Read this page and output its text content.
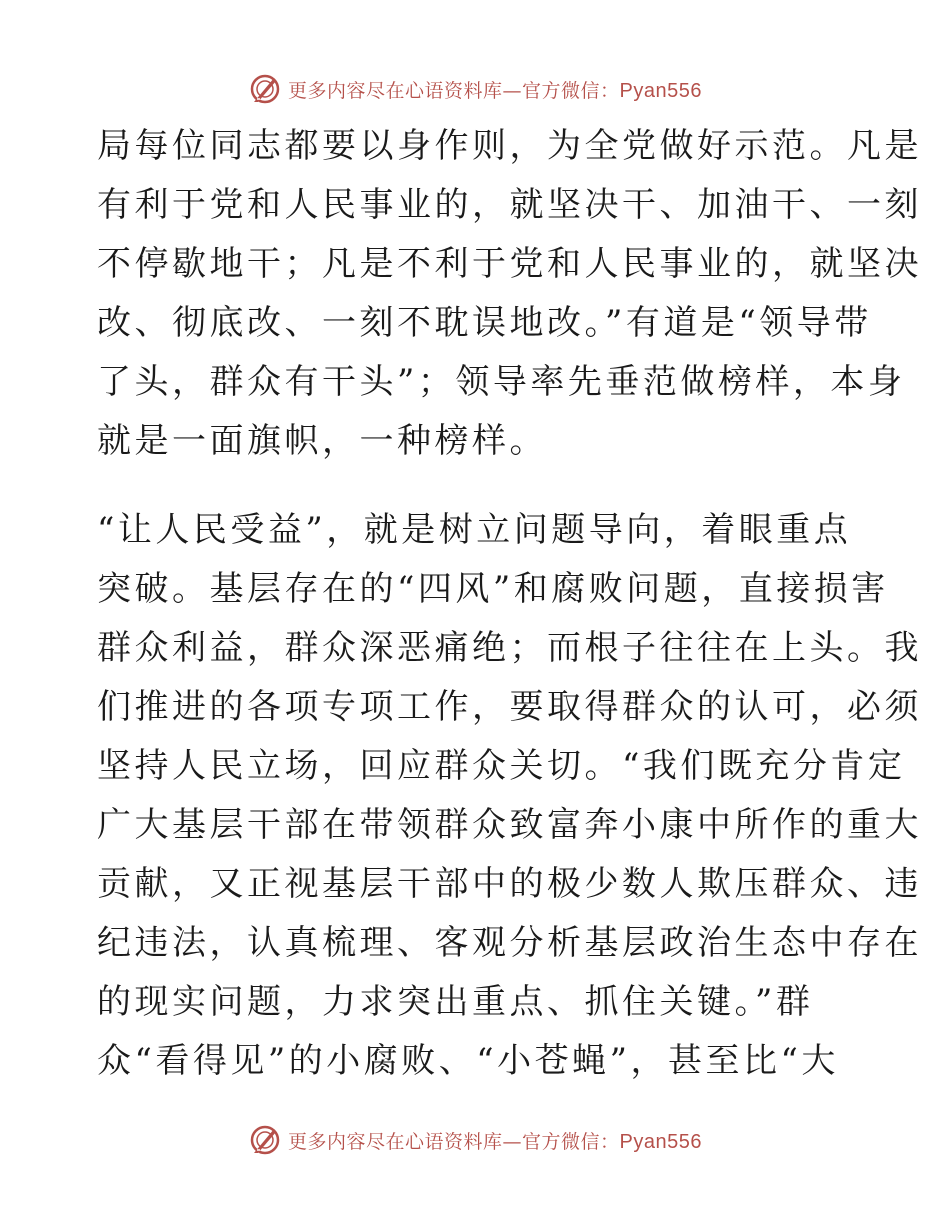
更多内容尽在心语资料库—官方微信：Pyan556
局每位同志都要以身作则，为全党做好示范。凡是
有利于党和人民事业的，就坚决干、加油干、一刻
不停歇地干；凡是不利于党和人民事业的，就坚决
改、彻底改、一刻不耽误地改。”有道是“领导带
了头，群众有干头”；领导率先垂范做榜样，本身
就是一面旗帜，一种榜样。
“让人民受益”，就是树立问题导向，着眼重点
突破。基层存在的“四风”和腐败问题，直接损害
群众利益，群众深恶痛绝；而根子往往在上头。我
们推进的各项专项工作，要取得群众的认可，必须
坚持人民立场，回应群众关切。“我们既充分肯定
广大基层干部在带领群众致富奔小康中所作的重大
贡献，又正视基层干部中的极少数人欺压群众、违
纪违法，认真梳理、客观分析基层政治生态中存在
的现实问题，力求突出重点、抓住关键。”群
众“看得见”的小腐败、“小苍蝇”，甚至比“大
更多内容尽在心语资料库—官方微信：Pyan556
